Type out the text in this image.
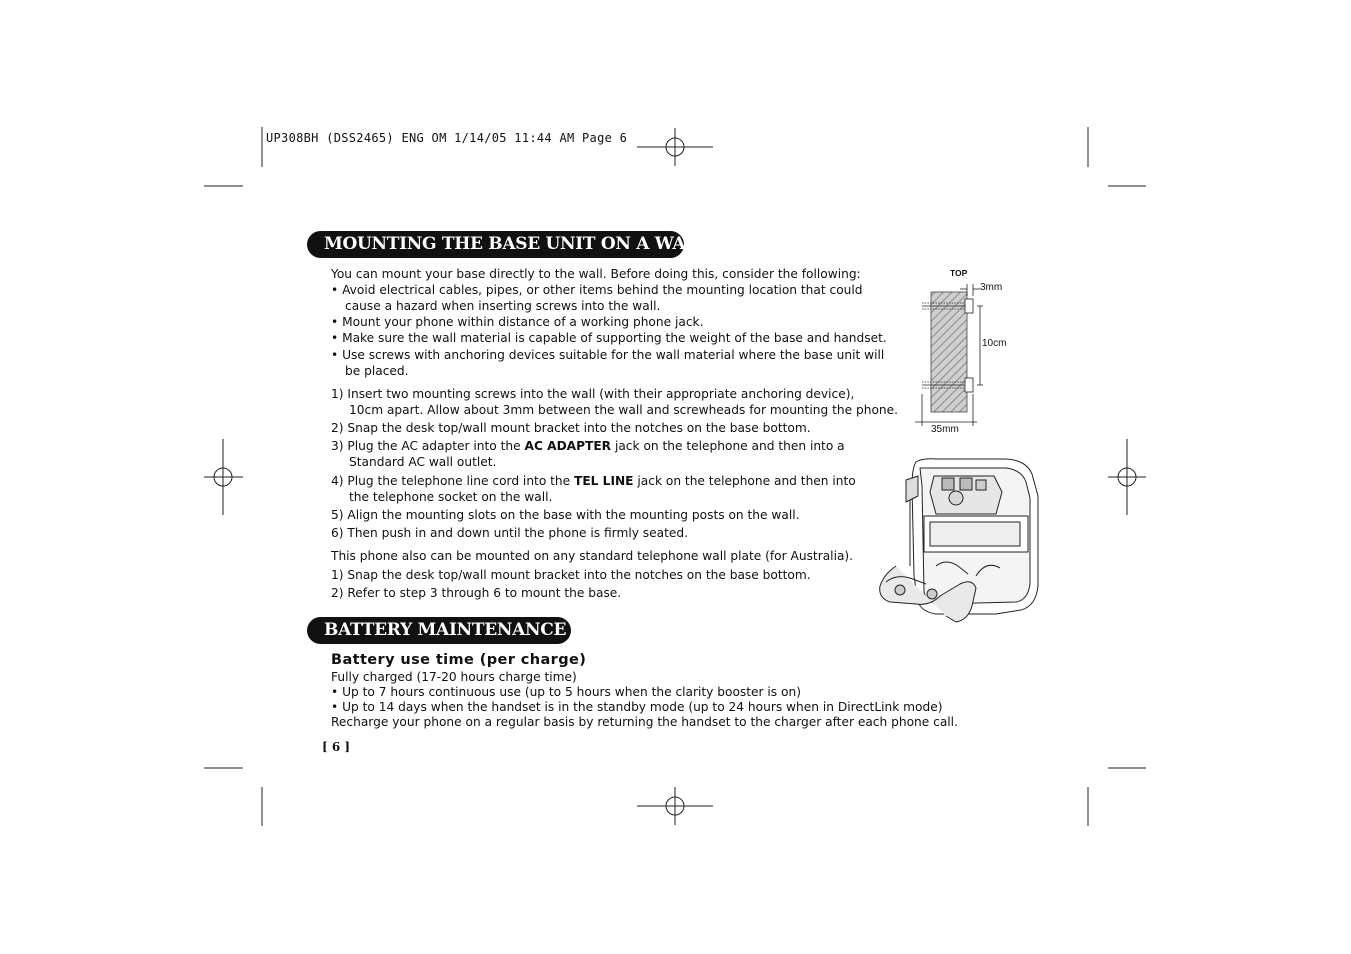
UP308BH (DSS2465) ENG OM 1/14/05 11:44 AM Page 6
MOUNTING THE BASE UNIT ON A WALL
You can mount your base directly to the wall. Before doing this, consider the following:
• Avoid electrical cables, pipes, or other items behind the mounting location that could
cause a hazard when inserting screws into the wall.
• Mount your phone within distance of a working phone jack.
• Make sure the wall material is capable of supporting the weight of the base and handset.
• Use screws with anchoring devices suitable for the wall material where the base unit will
be placed.
1) Insert two mounting screws into the wall (with their appropriate anchoring device),
10cm apart. Allow about 3mm between the wall and screwheads for mounting the phone.
2) Snap the desk top/wall mount bracket into the notches on the base bottom.
3) Plug the AC adapter into the AC ADAPTER jack on the telephone and then into a
Standard AC wall outlet.
4) Plug the telephone line cord into the TEL LINE jack on the telephone and then into
the telephone socket on the wall.
5) Align the mounting slots on the base with the mounting posts on the wall.
6) Then push in and down until the phone is firmly seated.
This phone also can be mounted on any standard telephone wall plate (for Australia).
1) Snap the desk top/wall mount bracket into the notches on the base bottom.
2) Refer to step 3 through 6 to mount the base.
TOP
3mm
10cm
35mm
BATTERY MAINTENANCE
Battery use time (per charge)
Fully charged (17-20 hours charge time)
• Up to 7 hours continuous use (up to 5 hours when the clarity booster is on)
• Up to 14 days when the handset is in the standby mode (up to 24 hours when in DirectLink mode)
Recharge your phone on a regular basis by returning the handset to the charger after each phone call.
[ 6 ]
